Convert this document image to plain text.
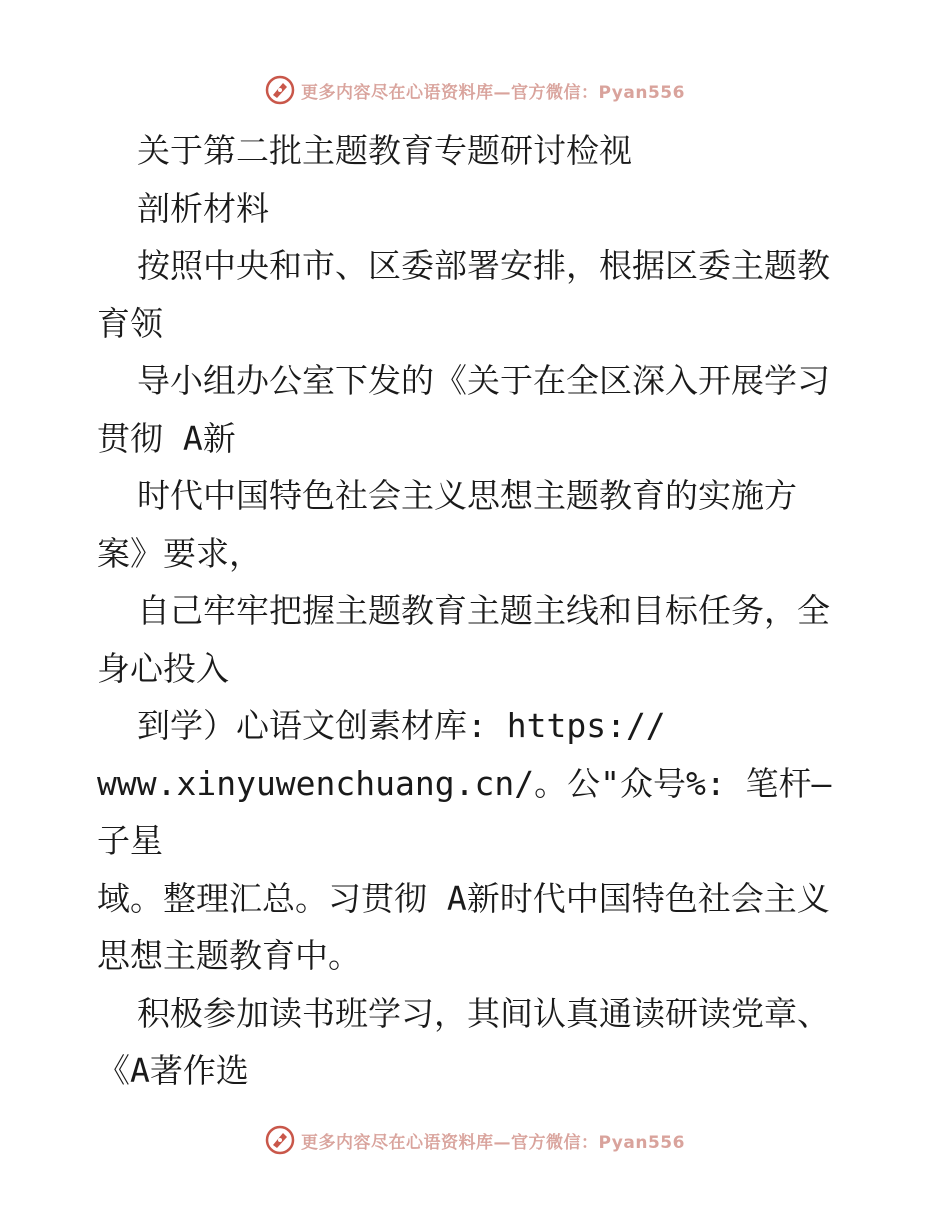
更多内容尽在心语资料库—官方微信：Pyan556

关于第二批主题教育专题研讨检视

剖析材料

按照中央和市、区委部署安排，根据区委主题教

育领

导小组办公室下发的《关于在全区深入开展学习

贯彻 A新

时代中国特色社会主义思想主题教育的实施方

案》要求，

自己牢牢把握主题教育主题主线和目标任务，全

身心投入

到学）心语文创素材库: https://

www.xinyuwenchuang.cn/。公"众号%: 笔杆—子星

域。整理汇总。习贯彻 A新时代中国特色社会主义

思想主题教育中。

积极参加读书班学习，其间认真通读研读党章、

《A著作选

更多内容尽在心语资料库—官方微信：Pyan556
